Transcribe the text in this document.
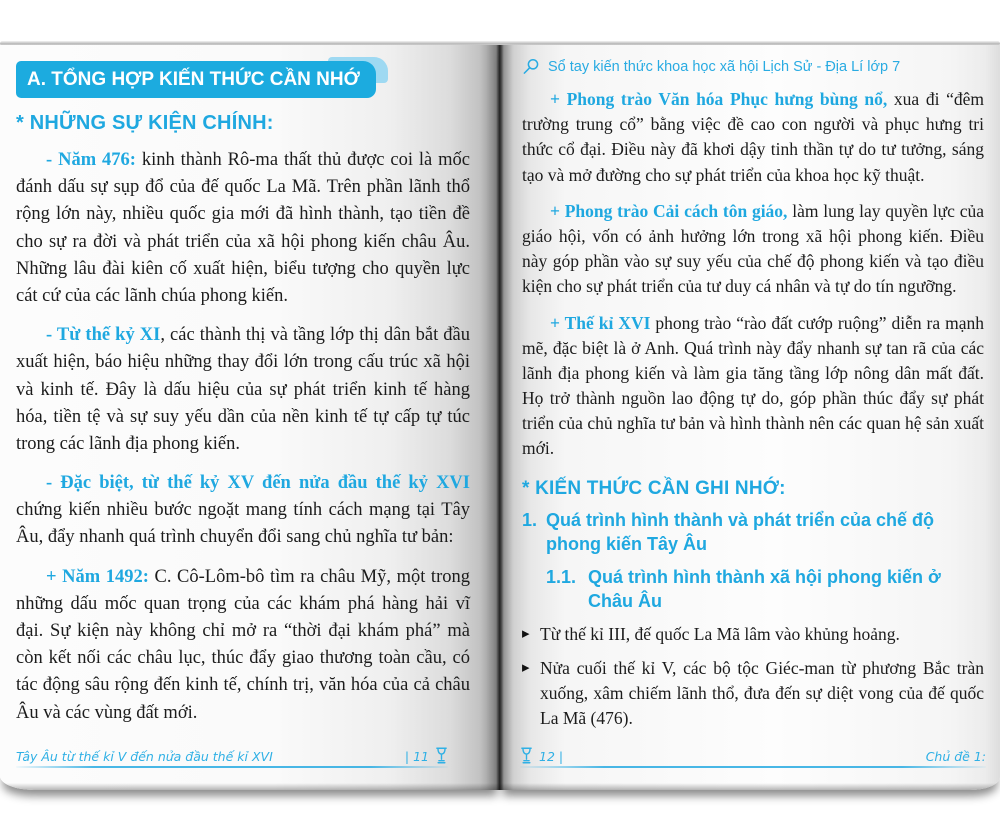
A. TỔNG HỢP KIẾN THỨC CẦN NHỚ
* NHỮNG SỰ KIỆN CHÍNH:

- Năm 476: kinh thành Rô-ma thất thủ được coi là mốc đánh dấu sự sụp đổ của đế quốc La Mã. Trên phần lãnh thổ rộng lớn này, nhiều quốc gia mới đã hình thành, tạo tiền đề cho sự ra đời và phát triển của xã hội phong kiến châu Âu. Những lâu đài kiên cố xuất hiện, biểu tượng cho quyền lực cát cứ của các lãnh chúa phong kiến.

- Từ thế kỷ XI, các thành thị và tầng lớp thị dân bắt đầu xuất hiện, báo hiệu những thay đổi lớn trong cấu trúc xã hội và kinh tế. Đây là dấu hiệu của sự phát triển kinh tế hàng hóa, tiền tệ và sự suy yếu dần của nền kinh tế tự cấp tự túc trong các lãnh địa phong kiến.

- Đặc biệt, từ thế kỷ XV đến nửa đầu thế kỷ XVI chứng kiến nhiều bước ngoặt mang tính cách mạng tại Tây Âu, đẩy nhanh quá trình chuyển đổi sang chủ nghĩa tư bản:

+ Năm 1492: C. Cô-Lôm-bô tìm ra châu Mỹ, một trong những dấu mốc quan trọng của các khám phá hàng hải vĩ đại. Sự kiện này không chỉ mở ra “thời đại khám phá” mà còn kết nối các châu lục, thúc đẩy giao thương toàn cầu, có tác động sâu rộng đến kinh tế, chính trị, văn hóa của cả châu Âu và các vùng đất mới.

Tây Âu từ thế kỉ V đến nửa đầu thế kỉ XVI	| 11
Sổ tay kiến thức khoa học xã hội Lịch Sử - Địa Lí lớp 7

+ Phong trào Văn hóa Phục hưng bùng nổ, xua đi “đêm trường trung cổ” bằng việc đề cao con người và phục hưng tri thức cổ đại. Điều này đã khơi dậy tinh thần tự do tư tưởng, sáng tạo và mở đường cho sự phát triển của khoa học kỹ thuật.

+ Phong trào Cải cách tôn giáo, làm lung lay quyền lực của giáo hội, vốn có ảnh hưởng lớn trong xã hội phong kiến. Điều này góp phần vào sự suy yếu của chế độ phong kiến và tạo điều kiện cho sự phát triển của tư duy cá nhân và tự do tín ngưỡng.

+ Thế kỉ XVI phong trào “rào đất cướp ruộng” diễn ra mạnh mẽ, đặc biệt là ở Anh. Quá trình này đẩy nhanh sự tan rã của các lãnh địa phong kiến và làm gia tăng tầng lớp nông dân mất đất. Họ trở thành nguồn lao động tự do, góp phần thúc đẩy sự phát triển của chủ nghĩa tư bản và hình thành nên các quan hệ sản xuất mới.

* KIẾN THỨC CẦN GHI NHỚ:
1. Quá trình hình thành và phát triển của chế độ phong kiến Tây Âu
1.1. Quá trình hình thành xã hội phong kiến ở Châu Âu
▸ Từ thế kỉ III, đế quốc La Mã lâm vào khủng hoảng.
▸ Nửa cuối thế kỉ V, các bộ tộc Giéc-man từ phương Bắc tràn xuống, xâm chiếm lãnh thổ, đưa đến sự diệt vong của đế quốc La Mã (476).
12 |	Chủ đề 1:
